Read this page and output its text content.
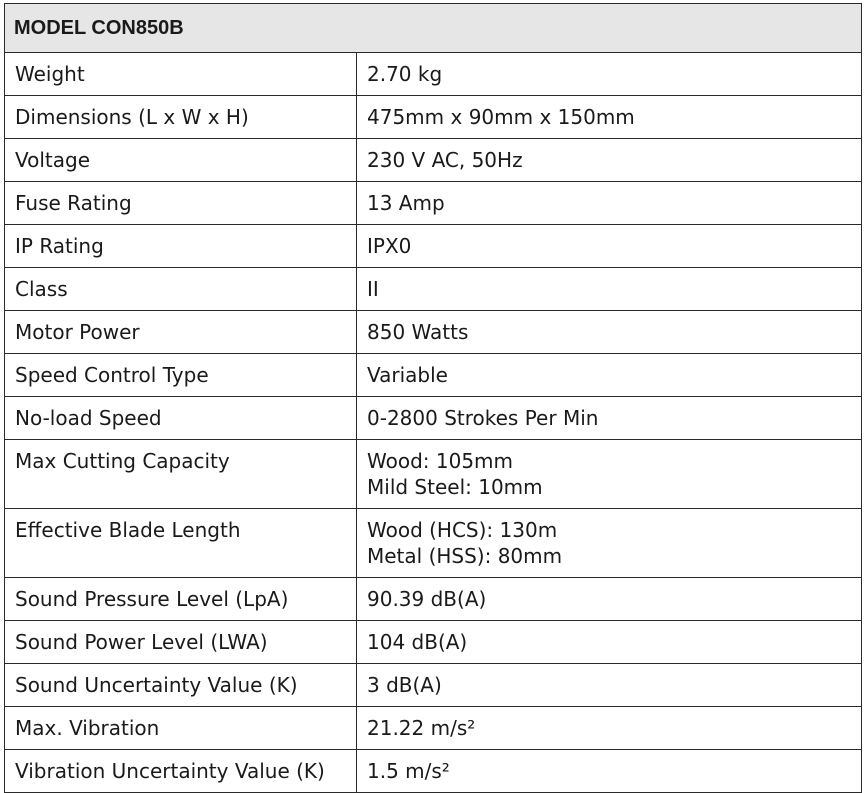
MODEL CON850B	
Weight	2.70 kg

Dimensions (L x W x H)	475mm x 90mm x 150mm

Voltage	230 V AC, 50Hz

Fuse Rating	13 Amp

IP Rating	IPX0

Class	II

Motor Power	850 Watts

Speed Control Type	Variable

No-load Speed	0-2800 Strokes Per Min

Max Cutting Capacity	Wood: 105mm
Mild Steel: 10mm

Effective Blade Length	Wood (HCS): 130m
Metal (HSS): 80mm

Sound Pressure Level (LpA)	90.39 dB(A)

Sound Power Level (LWA)	104 dB(A)

Sound Uncertainty Value (K)	3 dB(A)

Max. Vibration	21.22 m/s²

Vibration Uncertainty Value (K)	1.5 m/s²
